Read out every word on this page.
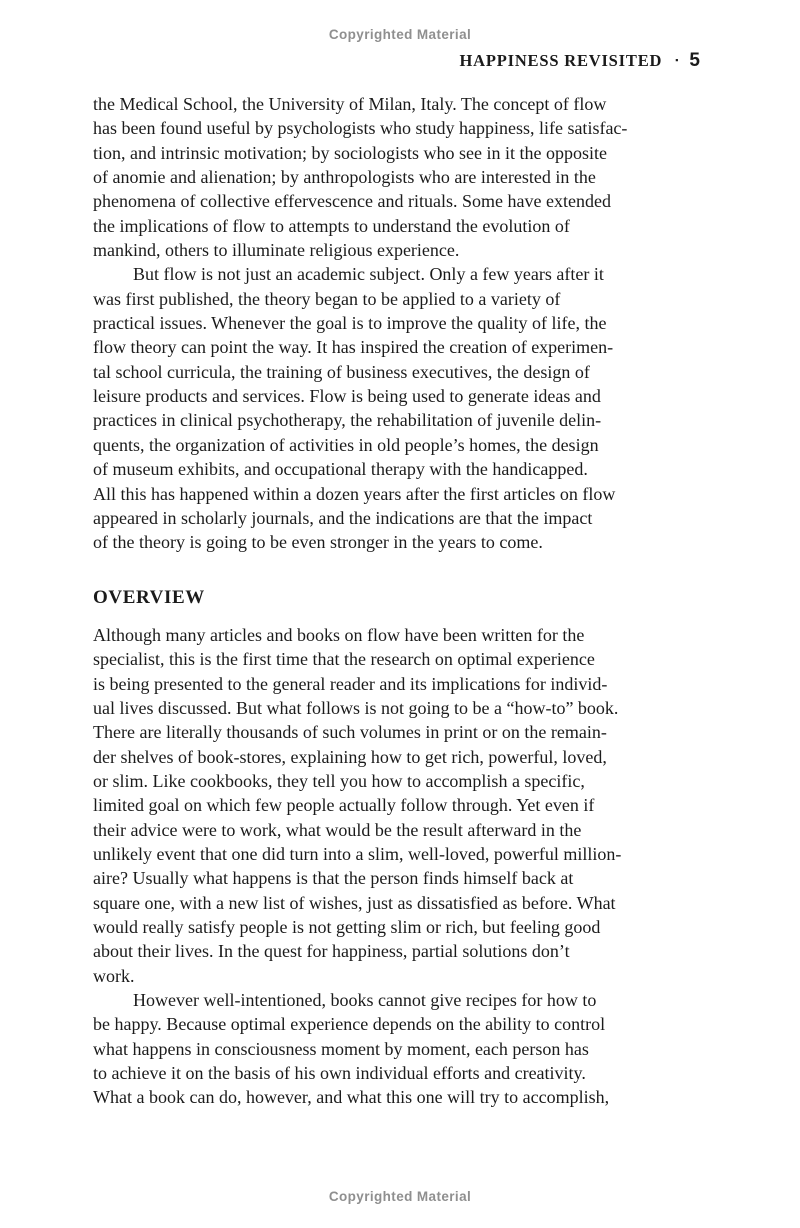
Copyrighted Material
HAPPINESS REVISITED ▪ 5
the Medical School, the University of Milan, Italy. The concept of flow
has been found useful by psychologists who study happiness, life satisfac-
tion, and intrinsic motivation; by sociologists who see in it the opposite
of anomie and alienation; by anthropologists who are interested in the
phenomena of collective effervescence and rituals. Some have extended
the implications of flow to attempts to understand the evolution of
mankind, others to illuminate religious experience.
But flow is not just an academic subject. Only a few years after it
was first published, the theory began to be applied to a variety of
practical issues. Whenever the goal is to improve the quality of life, the
flow theory can point the way. It has inspired the creation of experimen-
tal school curricula, the training of business executives, the design of
leisure products and services. Flow is being used to generate ideas and
practices in clinical psychotherapy, the rehabilitation of juvenile delin-
quents, the organization of activities in old people’s homes, the design
of museum exhibits, and occupational therapy with the handicapped.
All this has happened within a dozen years after the first articles on flow
appeared in scholarly journals, and the indications are that the impact
of the theory is going to be even stronger in the years to come.
OVERVIEW
Although many articles and books on flow have been written for the
specialist, this is the first time that the research on optimal experience
is being presented to the general reader and its implications for individ-
ual lives discussed. But what follows is not going to be a “how-to” book.
There are literally thousands of such volumes in print or on the remain-
der shelves of book-stores, explaining how to get rich, powerful, loved,
or slim. Like cookbooks, they tell you how to accomplish a specific,
limited goal on which few people actually follow through. Yet even if
their advice were to work, what would be the result afterward in the
unlikely event that one did turn into a slim, well-loved, powerful million-
aire? Usually what happens is that the person finds himself back at
square one, with a new list of wishes, just as dissatisfied as before. What
would really satisfy people is not getting slim or rich, but feeling good
about their lives. In the quest for happiness, partial solutions don’t
work.
However well-intentioned, books cannot give recipes for how to
be happy. Because optimal experience depends on the ability to control
what happens in consciousness moment by moment, each person has
to achieve it on the basis of his own individual efforts and creativity.
What a book can do, however, and what this one will try to accomplish,
Copyrighted Material
